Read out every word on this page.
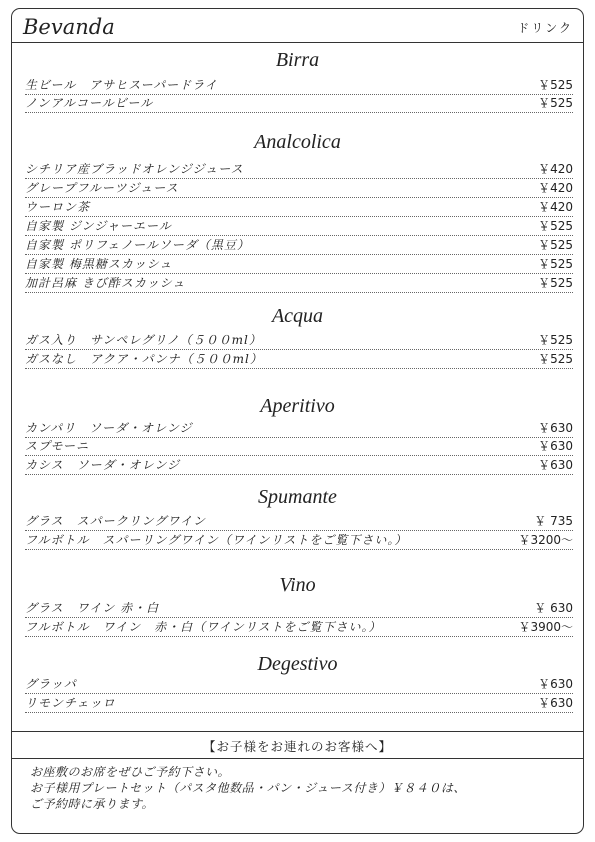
Bevanda	ドリンク
Birra
生ビール　アサヒスーパードライ	￥525
ノンアルコールビール	￥525
Analcolica
シチリア産ブラッドオレンジジュース	￥420
グレープフルーツジュース	￥420
ウーロン茶	￥420
自家製 ジンジャーエール	￥525
自家製 ポリフェノールソーダ（黒豆）	￥525
自家製 梅黒糖スカッシュ	￥525
加計呂麻 きび酢スカッシュ	￥525
Acqua
ガス入り　サンペレグリノ（５００ml）	￥525
ガスなし　アクア・パンナ（５００ml）	￥525
Aperitivo
カンパリ　ソーダ・オレンジ	￥630
スプモーニ	￥630
カシス　ソーダ・オレンジ	￥630
Spumante
グラス　スパークリングワイン	￥ 735
フルボトル　スパーリングワイン（ワインリストをご覧下さい。）	￥3200～
Vino
グラス　ワイン 赤・白	￥ 630
フルボトル　ワイン　赤・白（ワインリストをご覧下さい。）	￥3900～
Degestivo
グラッパ	￥630
リモンチェッロ	￥630
【お子様をお連れのお客様へ】
お座敷のお席をぜひご予約下さい。
お子様用プレートセット（パスタ他数品・パン・ジュース付き）￥８４０は、
ご予約時に承ります。
